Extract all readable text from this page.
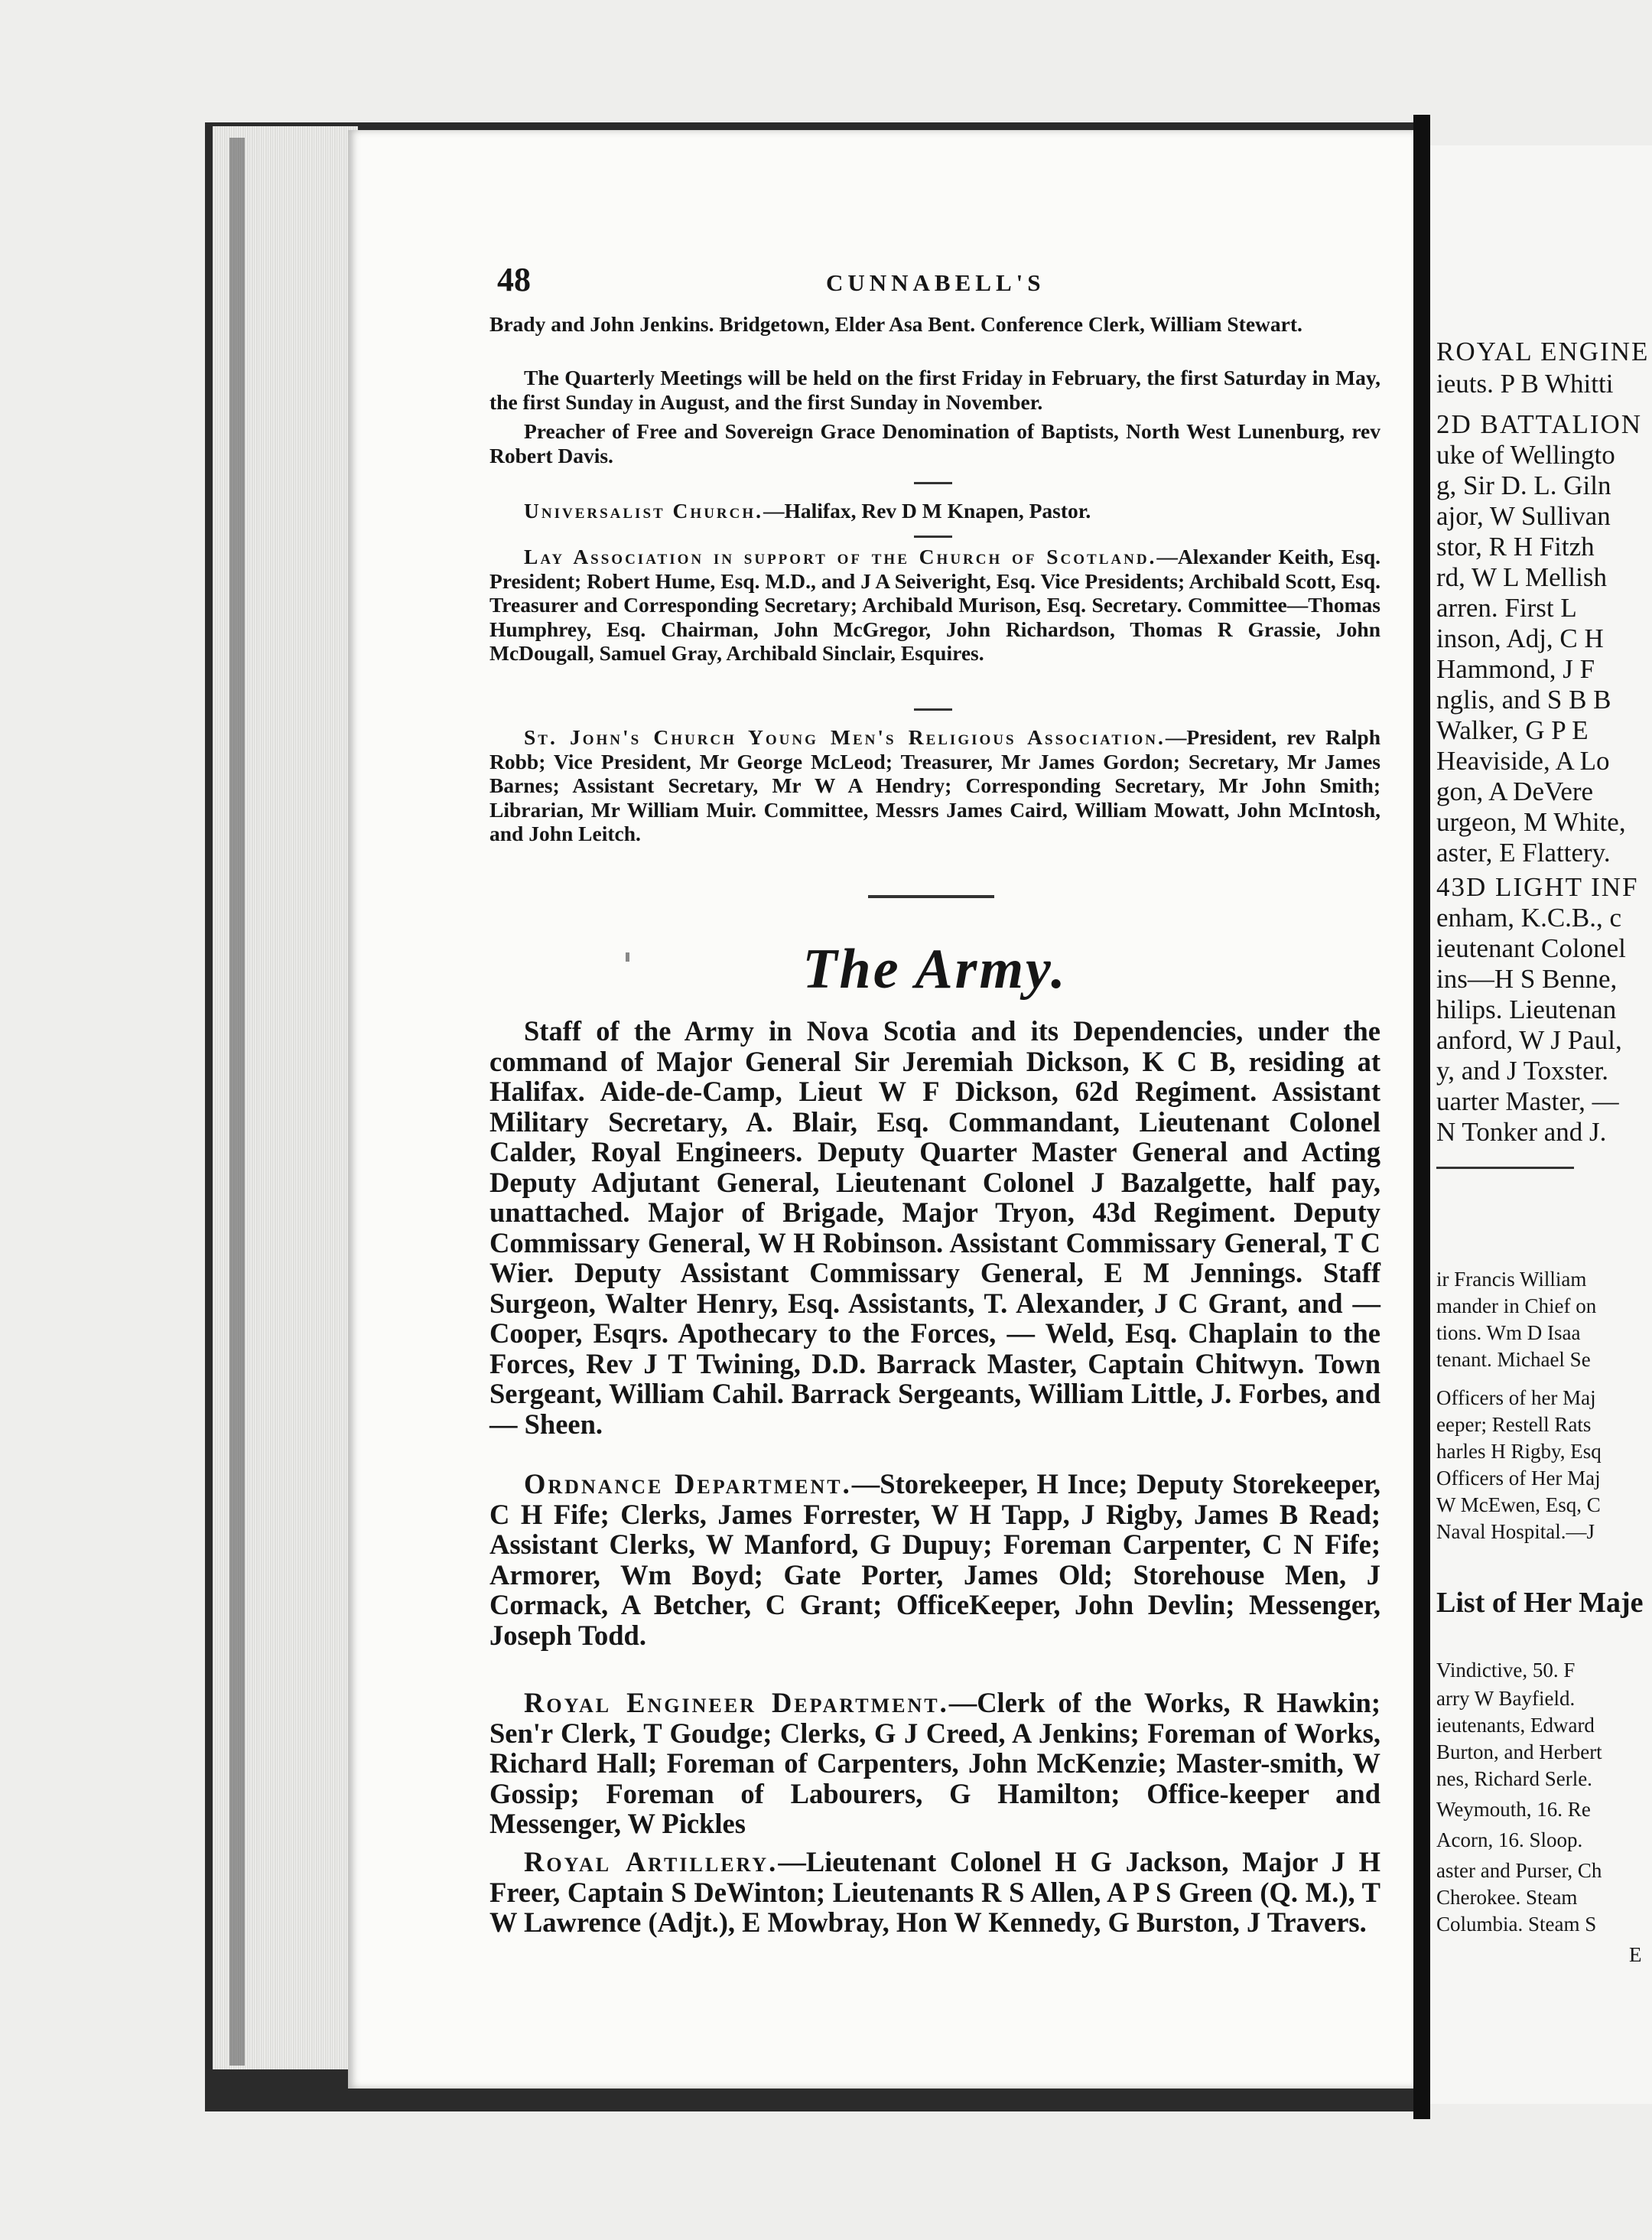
48	CUNNABELL'S
Brady and John Jenkins. Bridgetown, Elder Asa Bent. Conference Clerk, William Stewart.
The Quarterly Meetings will be held on the first Friday in February, the first Saturday in May, the first Sunday in August, and the first Sunday in November.
Preacher of Free and Sovereign Grace Denomination of Baptists, North West Lunenburg, rev Robert Davis.
Universalist Church.—Halifax, Rev D M Knapen, Pastor.
Lay Association in support of the Church of Scotland.—Alexander Keith, Esq. President; Robert Hume, Esq. M.D., and J A Seiveright, Esq. Vice Presidents; Archibald Scott, Esq. Treasurer and Corresponding Secretary; Archibald Murison, Esq. Secretary. Committee—Thomas Humphrey, Esq. Chairman, John McGregor, John Richardson, Thomas R Grassie, John McDougall, Samuel Gray, Archibald Sinclair, Esquires.
St. John's Church Young Men's Religious Association.—President, rev Ralph Robb; Vice President, Mr George McLeod; Treasurer, Mr James Gordon; Secretary, Mr James Barnes; Assistant Secretary, Mr W A Hendry; Corresponding Secretary, Mr John Smith; Librarian, Mr William Muir. Committee, Messrs James Caird, William Mowatt, John McIntosh, and John Leitch.
The Army.
Staff of the Army in Nova Scotia and its Dependencies, under the command of Major General Sir Jeremiah Dickson, K C B, residing at Halifax. Aide-de-Camp, Lieut W F Dickson, 62d Regiment. Assistant Military Secretary, A. Blair, Esq. Commandant, Lieutenant Colonel Calder, Royal Engineers. Deputy Quarter Master General and Acting Deputy Adjutant General, Lieutenant Colonel J Bazalgette, half pay, unattached. Major of Brigade, Major Tryon, 43d Regiment. Deputy Commissary General, W H Robinson. Assistant Commissary General, T C Wier. Deputy Assistant Commissary General, E M Jennings. Staff Surgeon, Walter Henry, Esq. Assistants, T. Alexander, J C Grant, and — Cooper, Esqrs. Apothecary to the Forces, — Weld, Esq. Chaplain to the Forces, Rev J T Twining, D.D. Barrack Master, Captain Chitwyn. Town Sergeant, William Cahil. Barrack Sergeants, William Little, J. Forbes, and — Sheen.
Ordnance Department.—Storekeeper, H Ince; Deputy Storekeeper, C H Fife; Clerks, James Forrester, W H Tapp, J Rigby, James B Read; Assistant Clerks, W Manford, G Dupuy; Foreman Carpenter, C N Fife; Armorer, Wm Boyd; Gate Porter, James Old; Storehouse Men, J Cormack, A Betcher, C Grant; OfficeKeeper, John Devlin; Messenger, Joseph Todd.
Royal Engineer Department.—Clerk of the Works, R Hawkin; Sen'r Clerk, T Goudge; Clerks, G J Creed, A Jenkins; Foreman of Works, Richard Hall; Foreman of Carpenters, John McKenzie; Master-smith, W Gossip; Foreman of Labourers, G Hamilton; Office-keeper and Messenger, W Pickles
Royal Artillery.—Lieutenant Colonel H G Jackson, Major J H Freer, Captain S DeWinton; Lieutenants R S Allen, A P S Green (Q. M.), T W Lawrence (Adjt.), E Mowbray, Hon W Kennedy, G Burston, J Travers.
ROYAL ENGINE
ieuts. P B Whitti
2D BATTALION
uke of Wellingto
g, Sir D. L. Giln
ajor, W Sullivan
stor, R H Fitzh
rd, W L Mellish
arren. First L
inson, Adj, C H
Hammond, J F
nglis, and S B B
Walker, G P E
Heaviside, A Lo
gon, A DeVere
urgeon, M White,
aster, E Flattery.
43D LIGHT INF
enham, K.C.B., c
ieutenant Colonel
ins—H S Benne,
hilips. Lieutenan
anford, W J Paul,
y, and J Toxster.
uarter Master, —
N Tonker and J.
ir Francis William
mander in Chief on
tions. Wm D Isaa
tenant. Michael Se
Officers of her Maj
eeper; Restell Rats
harles H Rigby, Esq
Officers of Her Maj
W McEwen, Esq, C
Naval Hospital.—J
List of Her Maje
Vindictive, 50. F
arry W Bayfield.
ieutenants, Edward
Burton, and Herbert
nes, Richard Serle.
Weymouth, 16. Re
Acorn, 16. Sloop.
aster and Purser, Ch
Cherokee. Steam
Columbia. Steam S
E
